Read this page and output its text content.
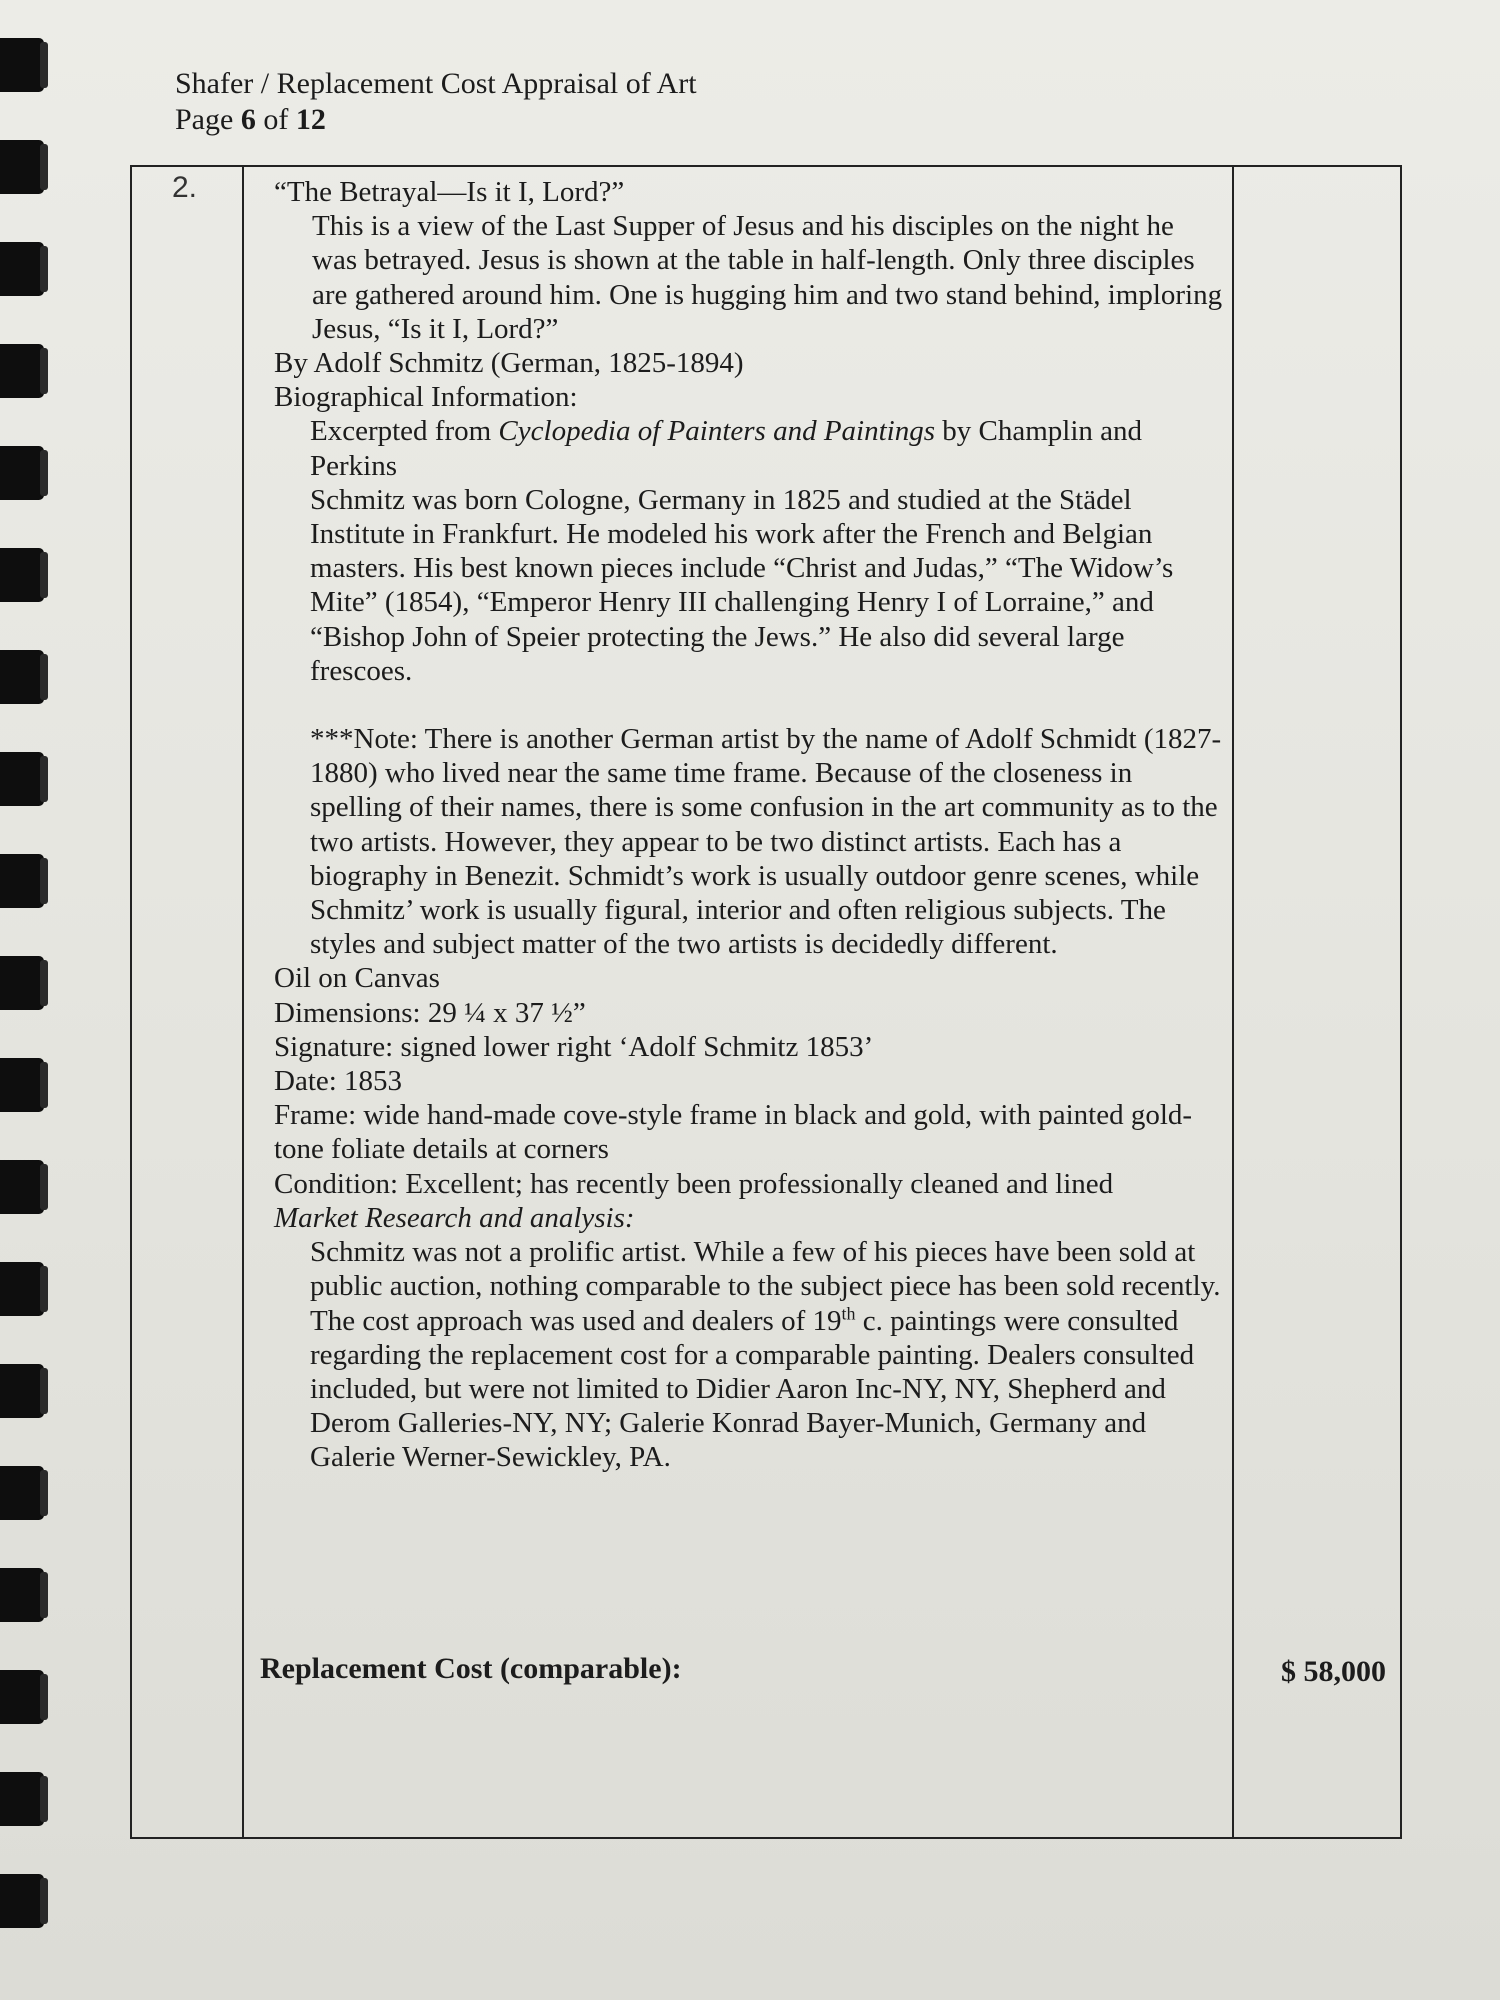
Shafer / Replacement Cost Appraisal of Art
Page 6 of 12
2.	“The Betrayal—Is it I, Lord?”

This is a view of the Last Supper of Jesus and his disciples on the night he was betrayed. Jesus is shown at the table in half-length. Only three disciples are gathered around him. One is hugging him and two stand behind, imploring Jesus, “Is it I, Lord?”

By Adolf Schmitz (German, 1825-1894)

Biographical Information:

Excerpted from Cyclopedia of Painters and Paintings by Champlin and Perkins

Schmitz was born Cologne, Germany in 1825 and studied at the Städel Institute in Frankfurt. He modeled his work after the French and Belgian masters. His best known pieces include “Christ and Judas,” “The Widow’s Mite” (1854), “Emperor Henry III challenging Henry I of Lorraine,” and “Bishop John of Speier protecting the Jews.” He also did several large frescoes.

***Note: There is another German artist by the name of Adolf Schmidt (1827-1880) who lived near the same time frame. Because of the closeness in spelling of their names, there is some confusion in the art community as to the two artists. However, they appear to be two distinct artists. Each has a biography in Benezit. Schmidt’s work is usually outdoor genre scenes, while Schmitz’ work is usually figural, interior and often religious subjects. The styles and subject matter of the two artists is decidedly different.

Oil on Canvas

Dimensions: 29 ¼ x 37 ½”

Signature: signed lower right ‘Adolf Schmitz 1853’

Date: 1853

Frame: wide hand-made cove-style frame in black and gold, with painted gold-tone foliate details at corners

Condition: Excellent; has recently been professionally cleaned and lined

Market Research and analysis:

Schmitz was not a prolific artist. While a few of his pieces have been sold at public auction, nothing comparable to the subject piece has been sold recently. The cost approach was used and dealers of 19th c. paintings were consulted regarding the replacement cost for a comparable painting. Dealers consulted included, but were not limited to Didier Aaron Inc-NY, NY, Shepherd and Derom Galleries-NY, NY; Galerie Konrad Bayer-Munich, Germany and Galerie Werner-Sewickley, PA.

Replacement Cost (comparable):	$ 58,000
